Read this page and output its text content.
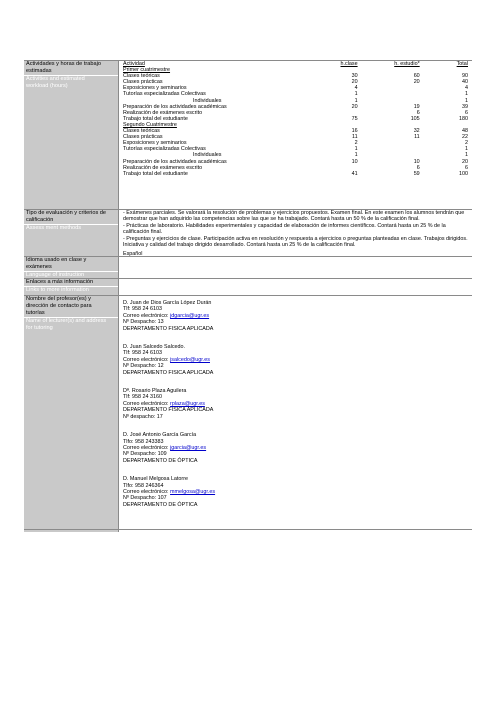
Actividades y horas de trabajo
estimadas
Activities and estimated
workload (hours)
Actividad	h.clase	h. estudio*	Total
Primer cuatrimestre			
Clases teóricas	30	60	90
Clases prácticas	20	20	40
Exposiciones y seminarios	4		4
Tutorías especializadas Colectivas	1		1
Individuales	1		1
Preparación de los actividades académicas	20	19	39
Realización de exámenes escrito		6	6
Trabajo total del estudiante	75	105	180
Segundo Cuatrimestre			
Clases teóricas	16	32	48
Clases prácticas	11	11	22
Exposiciones y seminarios	2		2
Tutorías especializadas Colectivas	1		1
Individuales	1		1
Preparación de los actividades académicas	10	10	20
Realización de exámenes escrito		6	6
Trabajo total del estudiante	41	59	100
Tipo de evaluación y criterios de
calificación
Assess ment methods

- Exámenes parciales. Se valorará la resolución de problemas y ejercicios propuestos. Examen final. En este examen los alumnos tendrán que demostrar que han adquirido las competencias sobre las que se ha trabajado. Contará hasta un 50 % de la calificación final.

- Prácticas de laboratorio. Habilidades experimentales y capacidad de elaboración de informes científicos. Contará hasta un 25 % de la calificación final.

- Preguntas y ejercicios de clase. Participación activa en resolución y respuesta a ejercicios o preguntas planteadas en clase. Trabajos dirigidos. Iniciativa y calidad del trabajo dirigido desarrollado. Contará hasta un 25 % de la calificación final.

Idioma usado en clase y
exámenes
Language of instruction
Español
Enlaces a más información
Links to more information
Nombre del profesor(es) y
dirección de contacto para
tutorías
Name of lecturer(s) and address
for tutoring
D. Juan de Dios García López Durán
Tlf: 958 24 6103
Correo electrónico: jdgarcia@ugr.es
Nº Despacho: 13
DEPARTAMENTO FISICA APLICADA
D. Juan Salcedo Salcedo.
Tlf: 958 24 6103
Correo electrónico: jsalcedo@ugr.es
Nº Despacho: 12
DEPARTAMENTO FISICA APLICADA
Dª. Rosario Plaza Aguilera
Tlf: 958 24 3160
Correo electrónico: rplaza@ugr.es
DEPARTAMENTO FISICA APLICADA
Nº despacho: 17
D. José Antonio García García
Tlfo: 958 243383
Correo electrónico: jgarcia@ugr.es
Nº Despacho: 109
DEPARTAMENTO DE ÓPTICA
D. Manuel Melgosa Latorre
Tlfo: 958 246364
Correo electrónico: mmelgosa@ugr.es
Nº Despacho: 107
DEPARTAMENTO DE ÓPTICA
